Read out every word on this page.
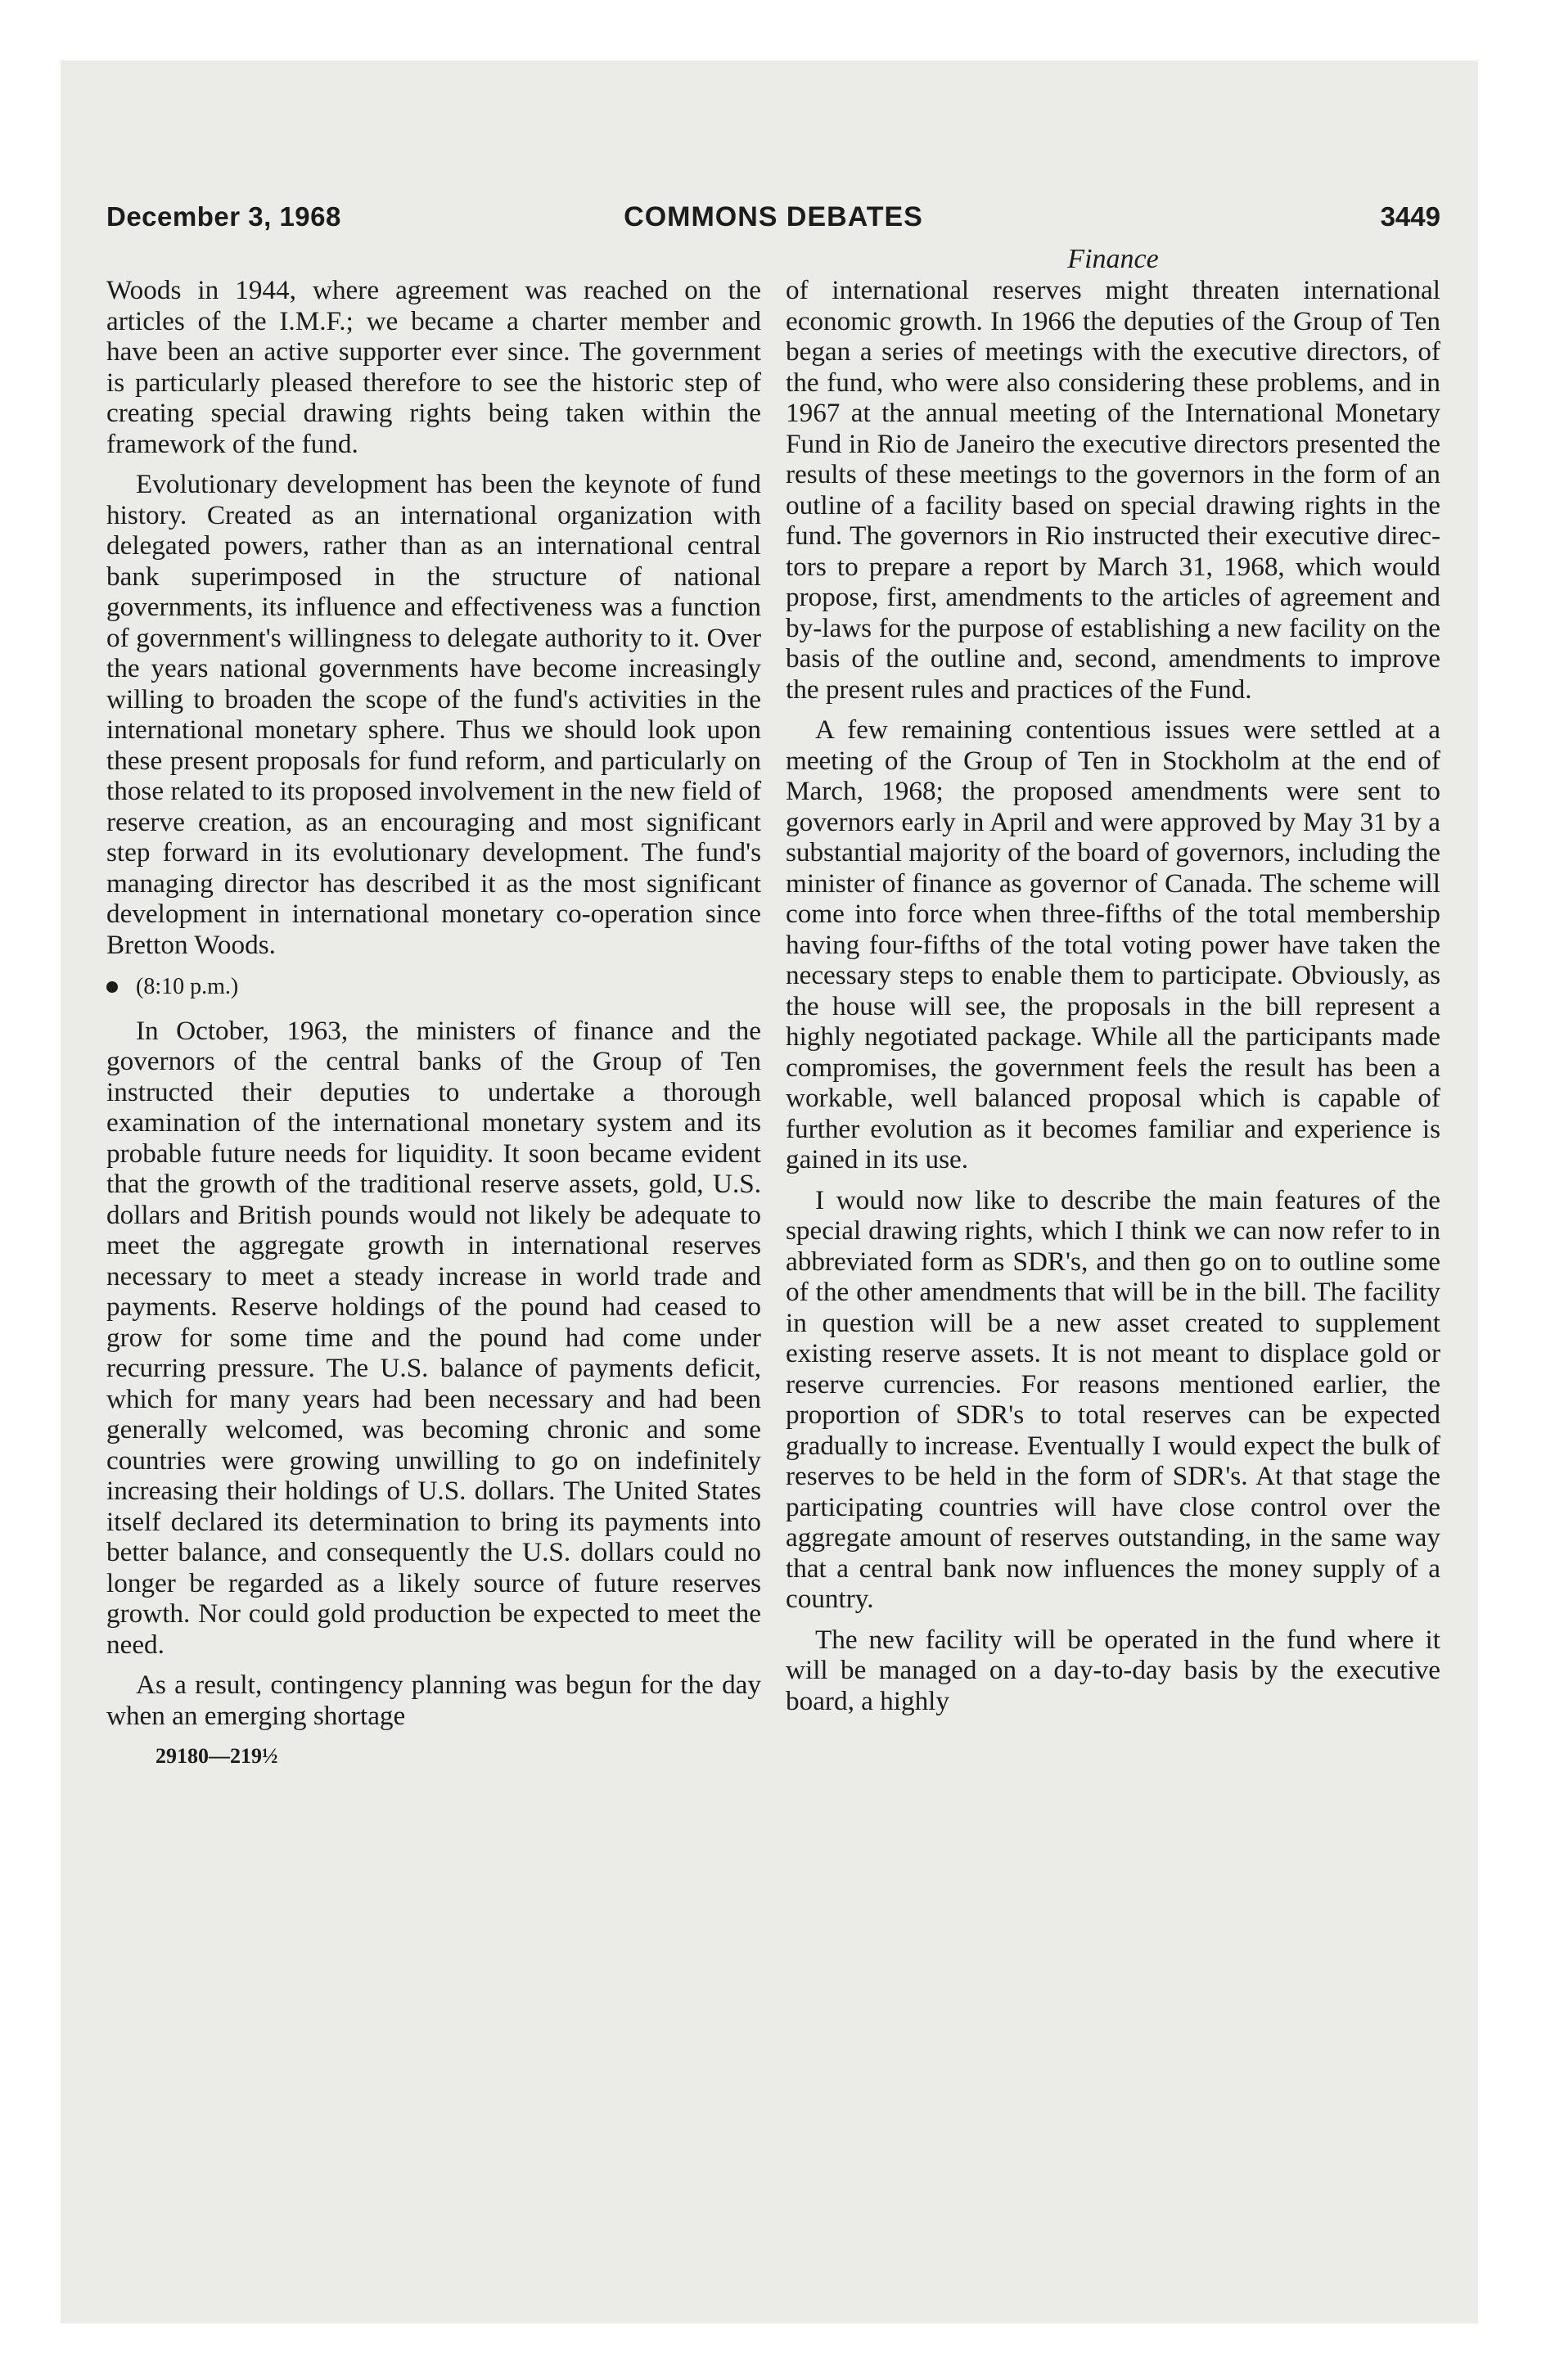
December 3, 1968	COMMONS DEBATES	3449
Finance

Woods in 1944, where agreement was reached on the articles of the I.M.F.; we became a charter member and have been an active supporter ever since. The government is particularly pleased therefore to see the historic step of creating special drawing rights being taken within the framework of the fund.

Evolutionary development has been the keynote of fund history. Created as an international organization with delegated powers, rather than as an international central bank superimposed in the structure of national governments, its influence and effectiveness was a function of government's willingness to delegate authority to it. Over the years national governments have become increasingly willing to broaden the scope of the fund's activities in the international monetary sphere. Thus we should look upon these present proposals for fund reform, and particularly on those related to its proposed involvement in the new field of reserve creation, as an encouraging and most significant step forward in its evolutionary development. The fund's managing director has described it as the most significant development in international monetary co-operation since Bretton Woods.

(8:10 p.m.)

In October, 1963, the ministers of finance and the governors of the central banks of the Group of Ten instructed their deputies to undertake a thorough examination of the international monetary system and its probable future needs for liquidity. It soon became evident that the growth of the traditional reserve assets, gold, U.S. dollars and British pounds would not likely be adequate to meet the aggregate growth in international reserves necessary to meet a steady increase in world trade and payments. Reserve holdings of the pound had ceased to grow for some time and the pound had come under recurring pressure. The U.S. balance of payments deficit, which for many years had been necessary and had been generally welcomed, was becoming chronic and some countries were growing unwilling to go on indefinitely increasing their holdings of U.S. dollars. The United States itself declared its determination to bring its payments into better balance, and consequently the U.S. dollars could no longer be regarded as a likely source of future reserves growth. Nor could gold production be expected to meet the need.

As a result, contingency planning was begun for the day when an emerging shortage

29180—219½

of international reserves might threaten international economic growth. In 1966 the deputies of the Group of Ten began a series of meetings with the executive directors, of the fund, who were also considering these problems, and in 1967 at the annual meeting of the International Monetary Fund in Rio de Janeiro the executive directors presented the results of these meetings to the governors in the form of an outline of a facility based on special drawing rights in the fund. The governors in Rio instructed their executive directors to prepare a report by March 31, 1968, which would propose, first, amendments to the articles of agreement and by-laws for the purpose of establishing a new facility on the basis of the outline and, second, amendments to improve the present rules and practices of the Fund.

A few remaining contentious issues were settled at a meeting of the Group of Ten in Stockholm at the end of March, 1968; the proposed amendments were sent to governors early in April and were approved by May 31 by a substantial majority of the board of governors, including the minister of finance as governor of Canada. The scheme will come into force when three-fifths of the total membership having four-fifths of the total voting power have taken the necessary steps to enable them to participate. Obviously, as the house will see, the proposals in the bill represent a highly negotiated package. While all the participants made compromises, the government feels the result has been a workable, well balanced proposal which is capable of further evolution as it becomes familiar and experience is gained in its use.

I would now like to describe the main features of the special drawing rights, which I think we can now refer to in abbreviated form as SDR's, and then go on to outline some of the other amendments that will be in the bill. The facility in question will be a new asset created to supplement existing reserve assets. It is not meant to displace gold or reserve currencies. For reasons mentioned earlier, the proportion of SDR's to total reserves can be expected gradually to increase. Eventually I would expect the bulk of reserves to be held in the form of SDR's. At that stage the participating countries will have close control over the aggregate amount of reserves outstanding, in the same way that a central bank now influences the money supply of a country.

The new facility will be operated in the fund where it will be managed on a day-to-day basis by the executive board, a highly
